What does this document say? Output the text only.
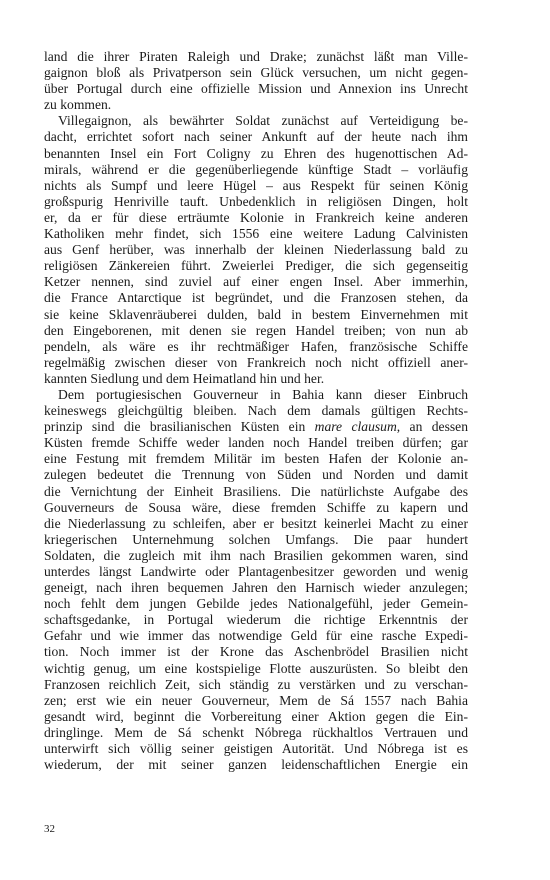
land die ihrer Piraten Raleigh und Drake; zunächst läßt man Ville-
gaignon bloß als Privatperson sein Glück versuchen, um nicht gegen-
über Portugal durch eine offizielle Mission und Annexion ins Unrecht
zu kommen.
Villegaignon, als bewährter Soldat zunächst auf Verteidigung be-
dacht, errichtet sofort nach seiner Ankunft auf der heute nach ihm
benannten Insel ein Fort Coligny zu Ehren des hugenottischen Ad-
mirals, während er die gegenüberliegende künftige Stadt – vorläufig
nichts als Sumpf und leere Hügel – aus Respekt für seinen König
großspurig Henriville tauft. Unbedenklich in religiösen Dingen, holt
er, da er für diese erträumte Kolonie in Frankreich keine anderen
Katholiken mehr findet, sich 1556 eine weitere Ladung Calvinisten
aus Genf herüber, was innerhalb der kleinen Niederlassung bald zu
religiösen Zänkereien führt. Zweierlei Prediger, die sich gegenseitig
Ketzer nennen, sind zuviel auf einer engen Insel. Aber immerhin,
die France Antarctique ist begründet, und die Franzosen stehen, da
sie keine Sklavenräuberei dulden, bald in bestem Einvernehmen mit
den Eingeborenen, mit denen sie regen Handel treiben; von nun ab
pendeln, als wäre es ihr rechtmäßiger Hafen, französische Schiffe
regelmäßig zwischen dieser von Frankreich noch nicht offiziell aner-
kannten Siedlung und dem Heimatland hin und her.
Dem portugiesischen Gouverneur in Bahia kann dieser Einbruch
keineswegs gleichgültig bleiben. Nach dem damals gültigen Rechts-
prinzip sind die brasilianischen Küsten ein mare clausum, an dessen
Küsten fremde Schiffe weder landen noch Handel treiben dürfen; gar
eine Festung mit fremdem Militär im besten Hafen der Kolonie an-
zulegen bedeutet die Trennung von Süden und Norden und damit
die Vernichtung der Einheit Brasiliens. Die natürlichste Aufgabe des
Gouverneurs de Sousa wäre, diese fremden Schiffe zu kapern und
die Niederlassung zu schleifen, aber er besitzt keinerlei Macht zu einer
kriegerischen Unternehmung solchen Umfangs. Die paar hundert
Soldaten, die zugleich mit ihm nach Brasilien gekommen waren, sind
unterdes längst Landwirte oder Plantagenbesitzer geworden und wenig
geneigt, nach ihren bequemen Jahren den Harnisch wieder anzulegen;
noch fehlt dem jungen Gebilde jedes Nationalgefühl, jeder Gemein-
schaftsgedanke, in Portugal wiederum die richtige Erkenntnis der
Gefahr und wie immer das notwendige Geld für eine rasche Expedi-
tion. Noch immer ist der Krone das Aschenbrödel Brasilien nicht
wichtig genug, um eine kostspielige Flotte auszurüsten. So bleibt den
Franzosen reichlich Zeit, sich ständig zu verstärken und zu verschan-
zen; erst wie ein neuer Gouverneur, Mem de Sá 1557 nach Bahia
gesandt wird, beginnt die Vorbereitung einer Aktion gegen die Ein-
dringlinge. Mem de Sá schenkt Nóbrega rückhaltlos Vertrauen und
unterwirft sich völlig seiner geistigen Autorität. Und Nóbrega ist es
wiederum, der mit seiner ganzen leidenschaftlichen Energie ein
32
